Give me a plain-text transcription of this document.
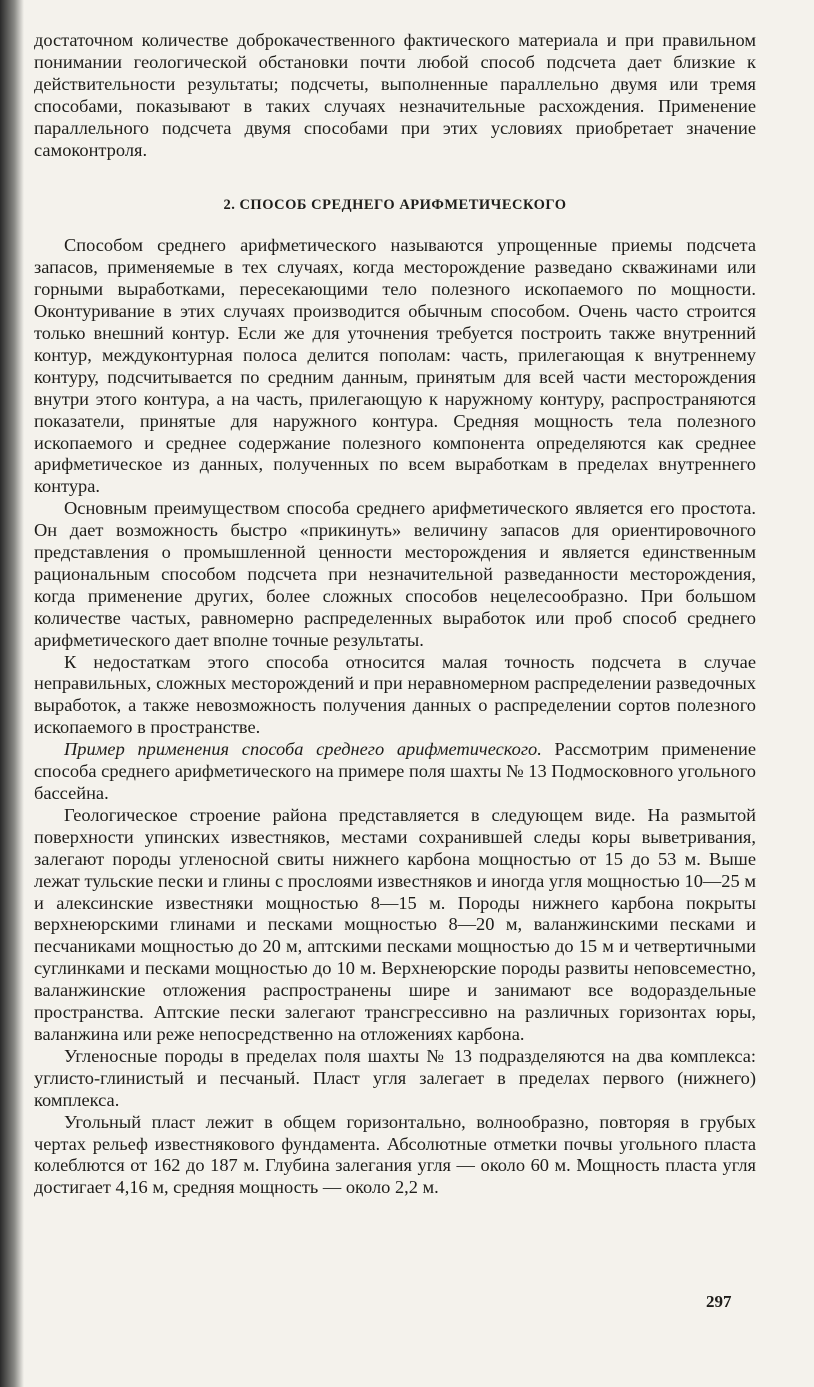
достаточном количестве доброкачественного фактического материала и при правильном понимании геологической обстановки почти любой способ подсчета дает близкие к действительности результаты; подсчеты, выполненные параллельно двумя или тремя способами, показывают в таких случаях незначительные расхождения. Применение параллельного подсчета двумя способами при этих условиях приобретает значение самоконтроля.

2. СПОСОБ СРЕДНЕГО АРИФМЕТИЧЕСКОГО

Способом среднего арифметического называются упрощенные приемы подсчета запасов, применяемые в тех случаях, когда месторождение разведано скважинами или горными выработками, пересекающими тело полезного ископаемого по мощности. Оконтуривание в этих случаях производится обычным способом. Очень часто строится только внешний контур. Если же для уточнения требуется построить также внутренний контур, междуконтурная полоса делится пополам: часть, прилегающая к внутреннему контуру, подсчитывается по средним данным, принятым для всей части месторождения внутри этого контура, а на часть, прилегающую к наружному контуру, распространяются показатели, принятые для наружного контура. Средняя мощность тела полезного ископаемого и среднее содержание полезного компонента определяются как среднее арифметическое из данных, полученных по всем выработкам в пределах внутреннего контура.

Основным преимуществом способа среднего арифметического является его простота. Он дает возможность быстро «прикинуть» величину запасов для ориентировочного представления о промышленной ценности месторождения и является единственным рациональным способом подсчета при незначительной разведанности месторождения, когда применение других, более сложных способов нецелесообразно. При большом количестве частых, равномерно распределенных выработок или проб способ среднего арифметического дает вполне точные результаты.

К недостаткам этого способа относится малая точность подсчета в случае неправильных, сложных месторождений и при неравномерном распределении разведочных выработок, а также невозможность получения данных о распределении сортов полезного ископаемого в пространстве.

Пример применения способа среднего арифметического. Рассмотрим применение способа среднего арифметического на примере поля шахты № 13 Подмосковного угольного бассейна.

Геологическое строение района представляется в следующем виде. На размытой поверхности упинских известняков, местами сохранившей следы коры выветривания, залегают породы угленосной свиты нижнего карбона мощностью от 15 до 53 м. Выше лежат тульские пески и глины с прослоями известняков и иногда угля мощностью 10—25 м и алексинские известняки мощностью 8—15 м. Породы нижнего карбона покрыты верхнеюрскими глинами и песками мощностью 8—20 м, валанжинскими песками и песчаниками мощностью до 20 м, аптскими песками мощностью до 15 м и четвертичными суглинками и песками мощностью до 10 м. Верхнеюрские породы развиты неповсеместно, валанжинские отложения распространены шире и занимают все водораздельные пространства. Аптские пески залегают трансгрессивно на различных горизонтах юры, валанжина или реже непосредственно на отложениях карбона.

Угленосные породы в пределах поля шахты № 13 подразделяются на два комплекса: углисто-глинистый и песчаный. Пласт угля залегает в пределах первого (нижнего) комплекса.

Угольный пласт лежит в общем горизонтально, волнообразно, повторяя в грубых чертах рельеф известнякового фундамента. Абсолютные отметки почвы угольного пласта колеблются от 162 до 187 м. Глубина залегания угля — около 60 м. Мощность пласта угля достигает 4,16 м, средняя мощность — около 2,2 м.

297
